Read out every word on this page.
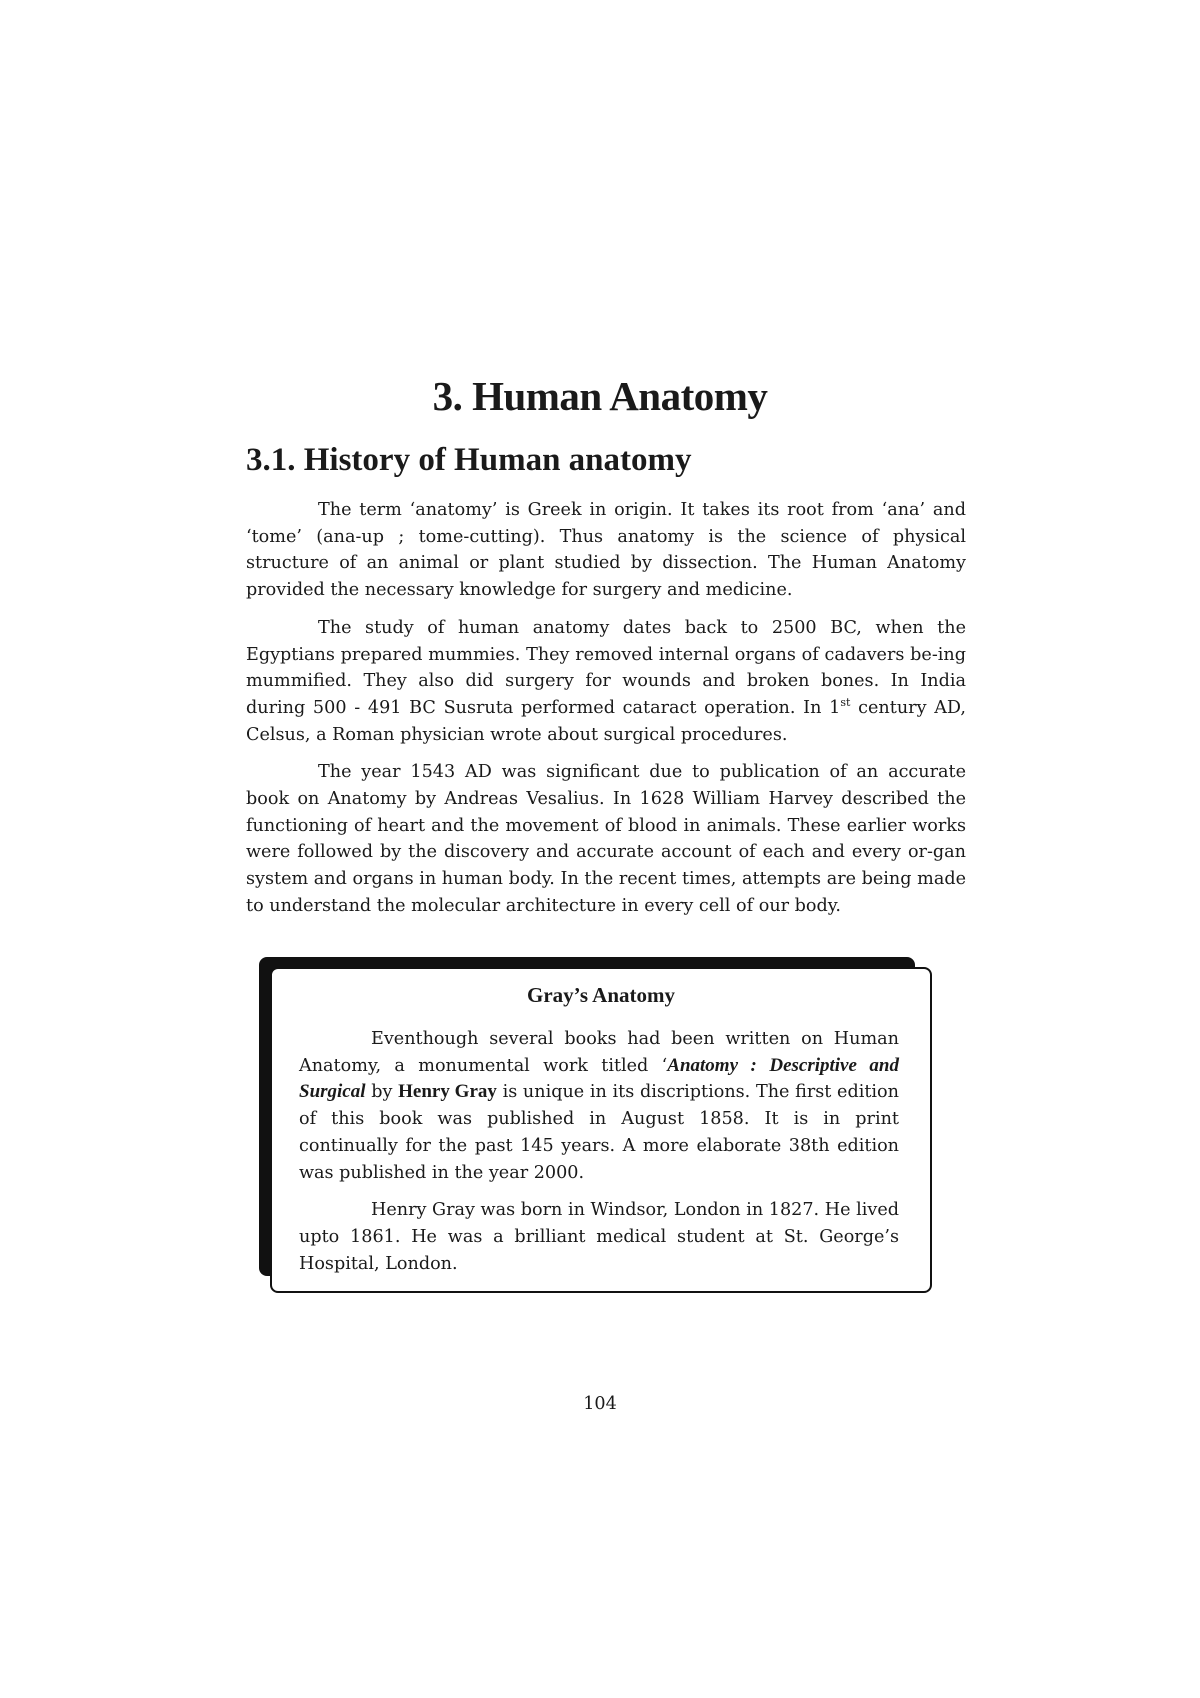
3. Human Anatomy
3.1. History of Human anatomy

The term ‘anatomy’ is Greek in origin. It takes its root from ‘ana’ and ‘tome’ (ana-up ; tome-cutting). Thus anatomy is the science of physical structure of an animal or plant studied by dissection. The Human Anatomy provided the necessary knowledge for surgery and medicine.

The study of human anatomy dates back to 2500 BC, when the Egyptians prepared mummies. They removed internal organs of cadavers be-ing mummified. They also did surgery for wounds and broken bones. In India during 500 - 491 BC Susruta performed cataract operation. In 1st century AD, Celsus, a Roman physician wrote about surgical procedures.

The year 1543 AD was significant due to publication of an accurate book on Anatomy by Andreas Vesalius. In 1628 William Harvey described the functioning of heart and the movement of blood in animals. These earlier works were followed by the discovery and accurate account of each and every or-gan system and organs in human body. In the recent times, attempts are being made to understand the molecular architecture in every cell of our body.

Gray’s Anatomy

Eventhough several books had been written on Human Anatomy, a monumental work titled ‘Anatomy : Descriptive and Surgical by Henry Gray is unique in its discriptions. The first edition of this book was published in August 1858. It is in print continually for the past 145 years. A more elaborate 38th edition was published in the year 2000.

Henry Gray was born in Windsor, London in 1827. He lived upto 1861. He was a brilliant medical student at St. George’s Hospital, London.

104
